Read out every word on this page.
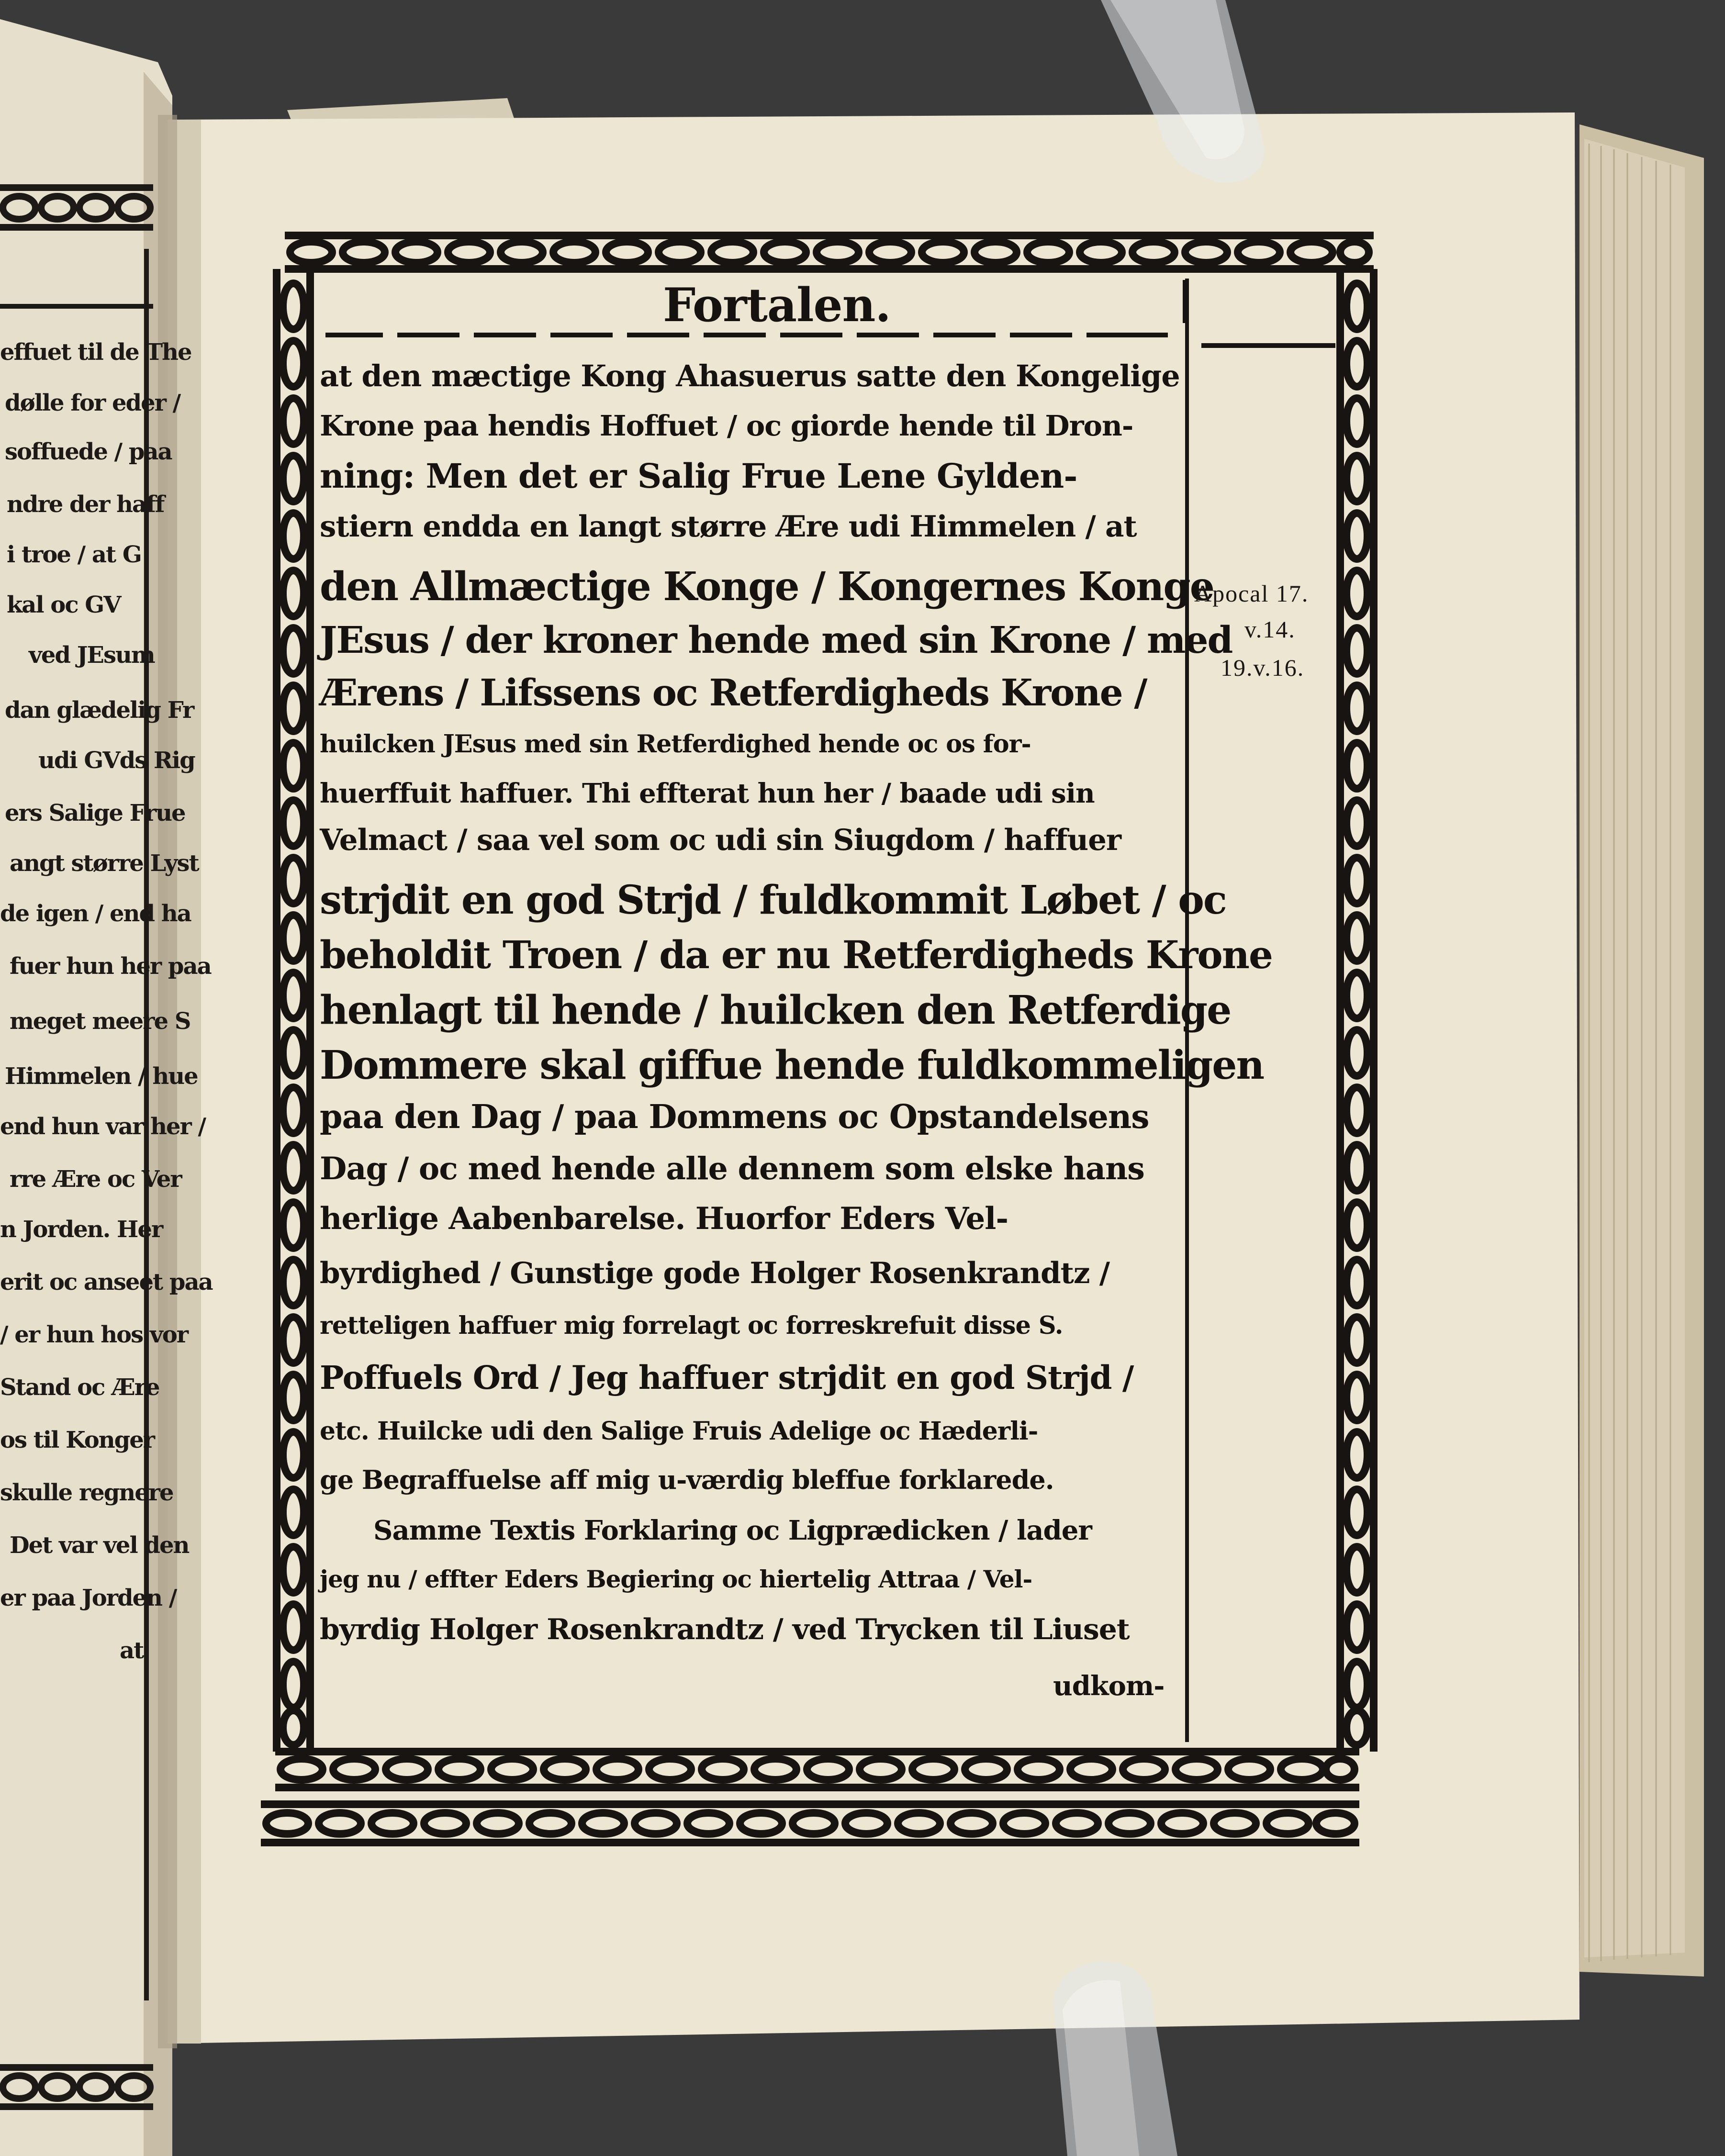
effuet til de The
dølle for eder /
soffuede / paa
ndre der haff
i troe / at G
kal oc GV
ved JEsum
dan glædelig Fr
udi GVds Rig
ers Salige Frue
angt større Lyst
de igen / end ha
fuer hun her paa
meget meere S
Himmelen / hue
end hun var her /
rre Ære oc Ver
n Jorden. Her
erit oc anseet paa
/ er hun hos vor
Stand oc Ære
os til Konger
skulle regnere
Det var vel den
er paa Jorden /
at
Fortalen.
at den mæctige Kong Ahasuerus satte den Kongelige
Krone paa hendis Hoffuet / oc giorde hende til Dron-
ning: Men det er Salig Frue Lene Gylden-
stiern endda en langt større Ære udi Himmelen / at
den Allmæctige Konge / Kongernes Konge
JEsus / der kroner hende med sin Krone / med
Ærens / Lifssens oc Retferdigheds Krone /
huilcken JEsus med sin Retferdighed hende oc os for-
huerffuit haffuer. Thi effterat hun her / baade udi sin
Velmact / saa vel som oc udi sin Siugdom / haffuer
strjdit en god Strjd / fuldkommit Løbet / oc
beholdit Troen / da er nu Retferdigheds Krone
henlagt til hende / huilcken den Retferdige
Dommere skal giffue hende fuldkommeligen
paa den Dag / paa Dommens oc Opstandelsens
Dag / oc med hende alle dennem som elske hans
herlige Aabenbarelse. Huorfor Eders Vel-
byrdighed / Gunstige gode Holger Rosenkrandtz /
retteligen haffuer mig forrelagt oc forreskrefuit disse S.
Poffuels Ord / Jeg haffuer strjdit en god Strjd /
etc. Huilcke udi den Salige Fruis Adelige oc Hæderli-
ge Begraffuelse aff mig u-værdig bleffue forklarede.
Samme Textis Forklaring oc Ligprædicken / lader
jeg nu / effter Eders Begiering oc hiertelig Attraa / Vel-
byrdig Holger Rosenkrandtz / ved Trycken til Liuset
udkom-
Apocal 17.
v.14.
19.v.16.
